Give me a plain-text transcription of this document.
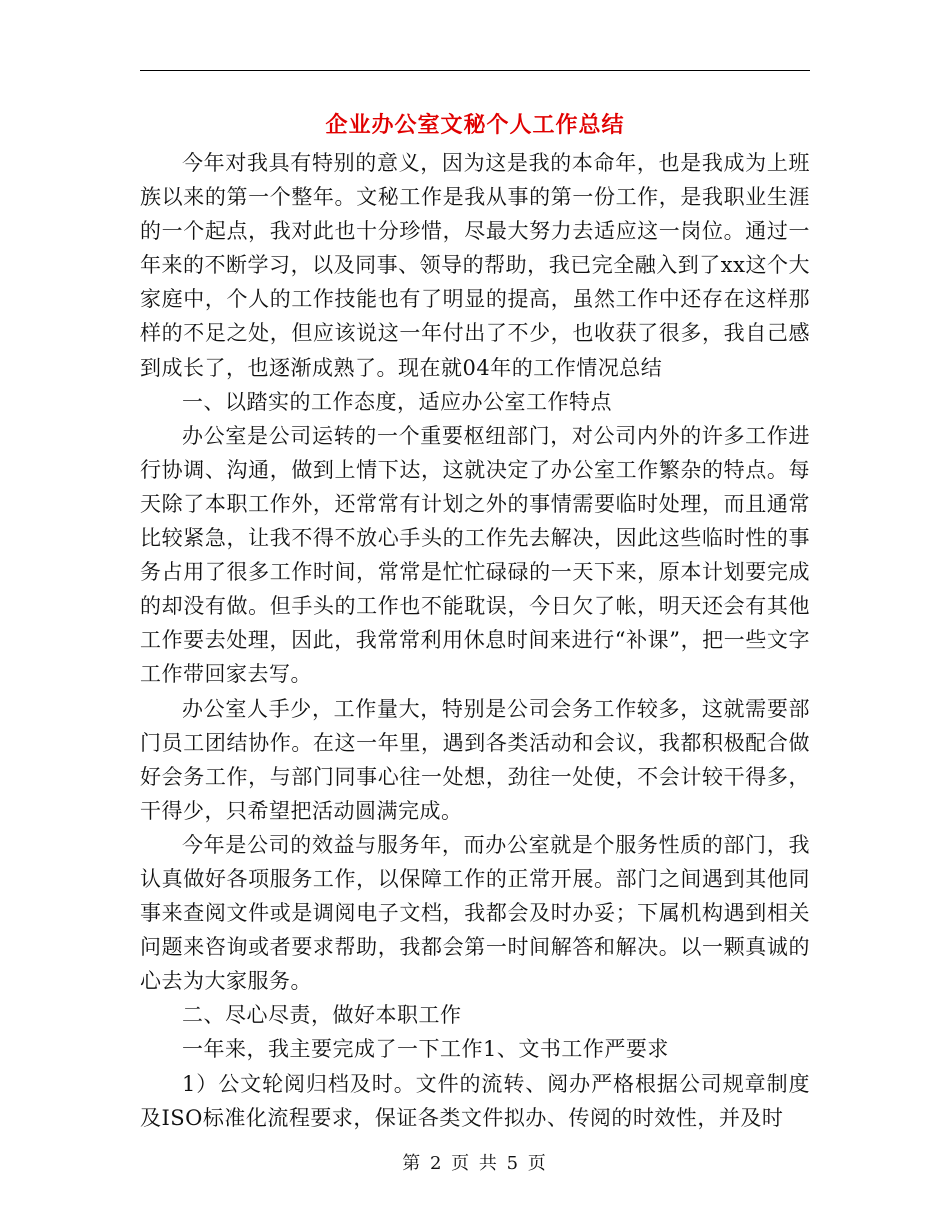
企业办公室文秘个人工作总结

今年对我具有特别的意义，因为这是我的本命年，也是我成为上班族以来的第一个整年。文秘工作是我从事的第一份工作，是我职业生涯的一个起点，我对此也十分珍惜，尽最大努力去适应这一岗位。通过一年来的不断学习，以及同事、领导的帮助，我已完全融入到了xx这个大家庭中，个人的工作技能也有了明显的提高，虽然工作中还存在这样那样的不足之处，但应该说这一年付出了不少，也收获了很多，我自己感到成长了，也逐渐成熟了。现在就04年的工作情况总结

一、以踏实的工作态度，适应办公室工作特点

办公室是公司运转的一个重要枢纽部门，对公司内外的许多工作进行协调、沟通，做到上情下达，这就决定了办公室工作繁杂的特点。每天除了本职工作外，还常常有计划之外的事情需要临时处理，而且通常比较紧急，让我不得不放心手头的工作先去解决，因此这些临时性的事务占用了很多工作时间，常常是忙忙碌碌的一天下来，原本计划要完成的却没有做。但手头的工作也不能耽误，今日欠了帐，明天还会有其他工作要去处理，因此，我常常利用休息时间来进行“补课”，把一些文字工作带回家去写。

办公室人手少，工作量大，特别是公司会务工作较多，这就需要部门员工团结协作。在这一年里，遇到各类活动和会议，我都积极配合做好会务工作，与部门同事心往一处想，劲往一处使，不会计较干得多，干得少，只希望把活动圆满完成。

今年是公司的效益与服务年，而办公室就是个服务性质的部门，我认真做好各项服务工作，以保障工作的正常开展。部门之间遇到其他同事来查阅文件或是调阅电子文档，我都会及时办妥；下属机构遇到相关问题来咨询或者要求帮助，我都会第一时间解答和解决。以一颗真诚的心去为大家服务。

二、尽心尽责，做好本职工作

一年来，我主要完成了一下工作1、文书工作严要求

1）公文轮阅归档及时。文件的流转、阅办严格根据公司规章制度及ISO标准化流程要求，保证各类文件拟办、传阅的时效性，并及时

第 2 页 共 5 页
